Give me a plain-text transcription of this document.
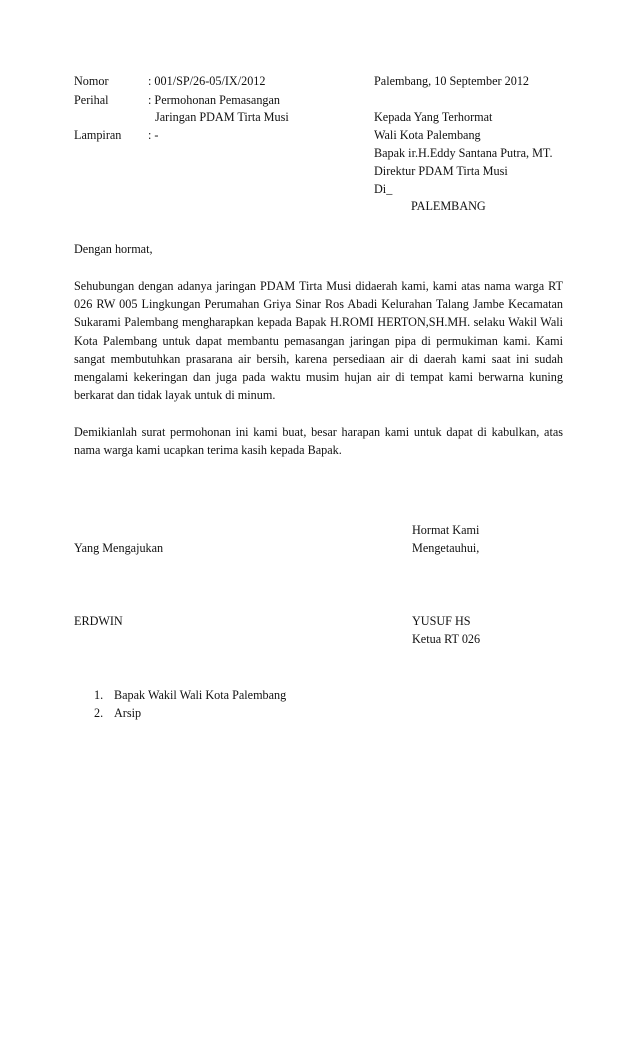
Nomor	: 001/SP/26-05/IX/2012	Palembang, 10 September 2012
Perihal	: Permohonan Pemasangan
Jaringan PDAM Tirta Musi	Kepada Yang Terhormat
Lampiran : -	Wali Kota Palembang
Bapak ir.H.Eddy Santana Putra, MT.
Direktur PDAM Tirta Musi
Di_
PALEMBANG
Dengan hormat,
Sehubungan dengan adanya jaringan PDAM Tirta Musi didaerah kami, kami atas nama warga RT 026 RW 005 Lingkungan Perumahan Griya Sinar Ros Abadi Kelurahan Talang Jambe Kecamatan Sukarami Palembang mengharapkan kepada Bapak H.ROMI HERTON,SH.MH. selaku Wakil Wali Kota Palembang untuk dapat membantu pemasangan jaringan pipa di permukiman kami. Kami sangat membutuhkan prasarana air bersih, karena persediaan air di daerah kami saat ini sudah mengalami kekeringan dan juga pada waktu musim hujan air di tempat kami berwarna kuning berkarat dan tidak layak untuk di minum.
Demikianlah surat permohonan ini kami buat, besar harapan kami untuk dapat di kabulkan, atas nama warga kami ucapkan terima kasih kepada Bapak.
Hormat Kami
Yang Mengajukan	Mengetauhui,
ERDWIN	YUSUF HS
Ketua RT 026
1. Bapak Wakil Wali Kota Palembang
2. Arsip
